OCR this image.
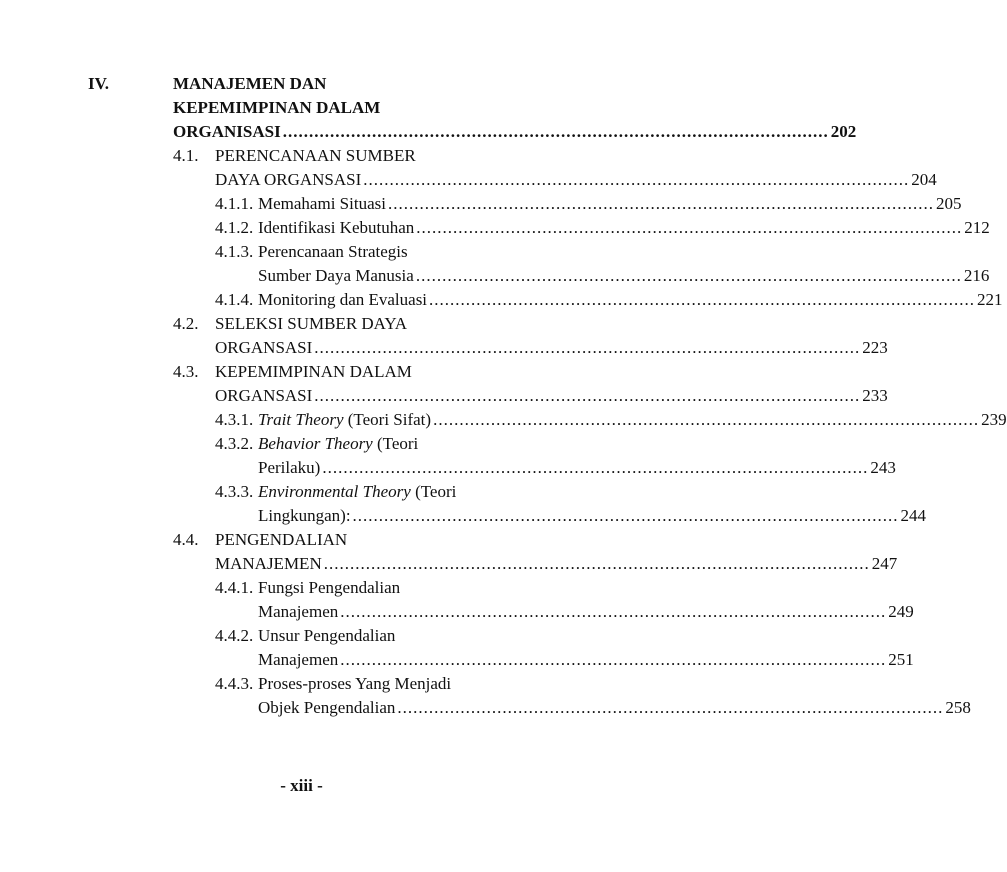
IV.	MANAJEMEN DAN
KEPEMIMPINAN DALAM
ORGANISASI ........................................................................................................ 202
4.1. PERENCANAAN SUMBER
DAYA ORGANSASI ........................................................................................................ 204
4.1.1. Memahami Situasi ........................................................................................................ 205
4.1.2. Identifikasi Kebutuhan ........................................................................................................ 212
4.1.3. Perencanaan Strategis
Sumber Daya Manusia ........................................................................................................ 216
4.1.4. Monitoring dan Evaluasi ........................................................................................................ 221
4.2. SELEKSI SUMBER DAYA
ORGANSASI ........................................................................................................ 223
4.3. KEPEMIMPINAN DALAM
ORGANSASI ........................................................................................................ 233
4.3.1. Trait Theory (Teori Sifat) ........................................................................................................ 239
4.3.2. Behavior Theory (Teori
Perilaku) ........................................................................................................ 243
4.3.3. Environmental Theory (Teori
Lingkungan): ........................................................................................................ 244
4.4. PENGENDALIAN
MANAJEMEN ........................................................................................................ 247
4.4.1. Fungsi Pengendalian
Manajemen ........................................................................................................ 249
4.4.2. Unsur Pengendalian
Manajemen ........................................................................................................ 251
4.4.3. Proses-proses Yang Menjadi
Objek Pengendalian ........................................................................................................ 258
- xiii -
